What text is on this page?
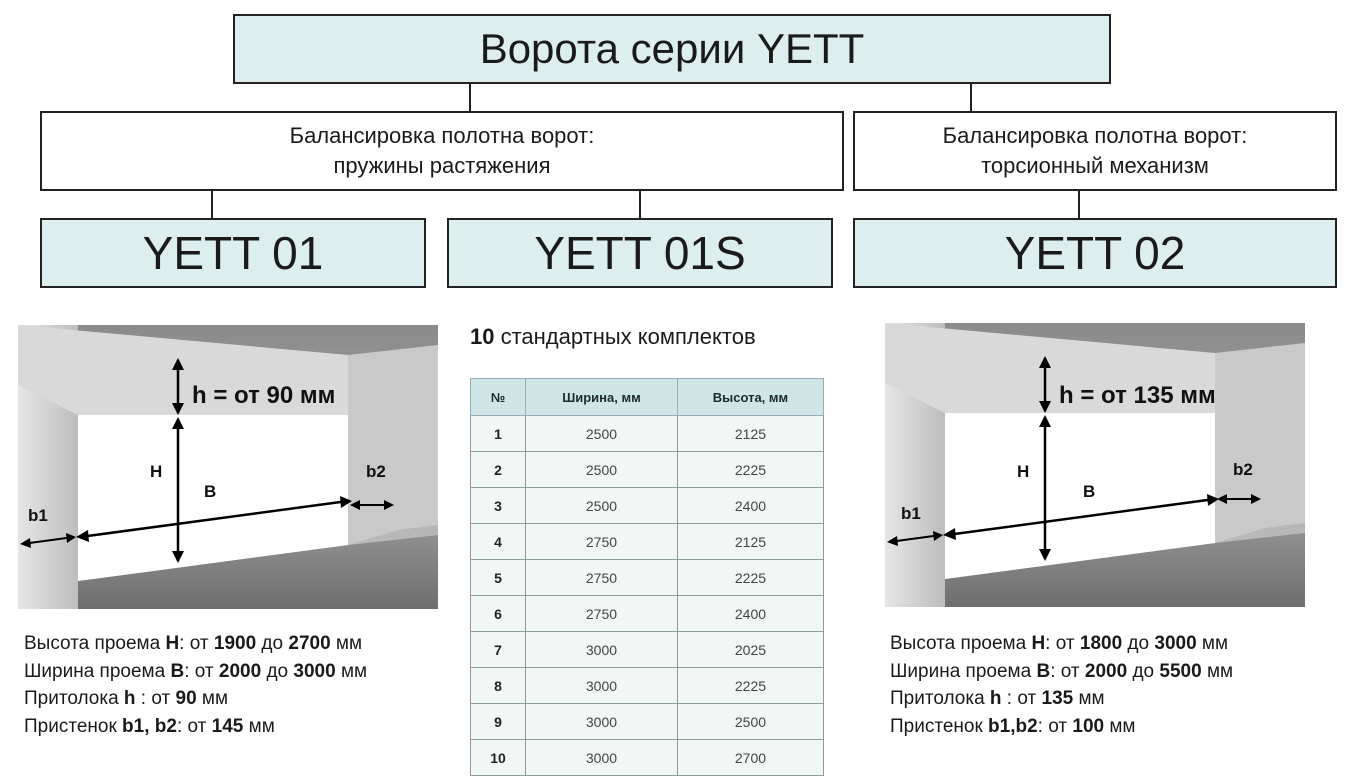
Ворота серии YETT
Балансировка полотна ворот:
пружины растяжения
Балансировка полотна ворот:
торсионный механизм
YETT 01	YETT 01S	YETT 02
10 стандартных комплектов
№	Ширина, мм	Высота, мм
1	2500	2125
2	2500	2225
3	2500	2400
4	2750	2125
5	2750	2225
6	2750	2400
7	3000	2025
8	3000	2225
9	3000	2500
10	3000	2700
h = от 90 мм
H
B
b1
b2
h = от 135 мм
H
B
b1
b2
Высота проема H: от 1900 до 2700 мм
Ширина проема B: от 2000 до 3000 мм
Притолока h : от 90 мм
Пристенок b1, b2: от 145 мм
Высота проема H: от 1800 до 3000 мм
Ширина проема B: от 2000 до 5500 мм
Притолока h : от 135 мм
Пристенок b1,b2: от 100 мм
